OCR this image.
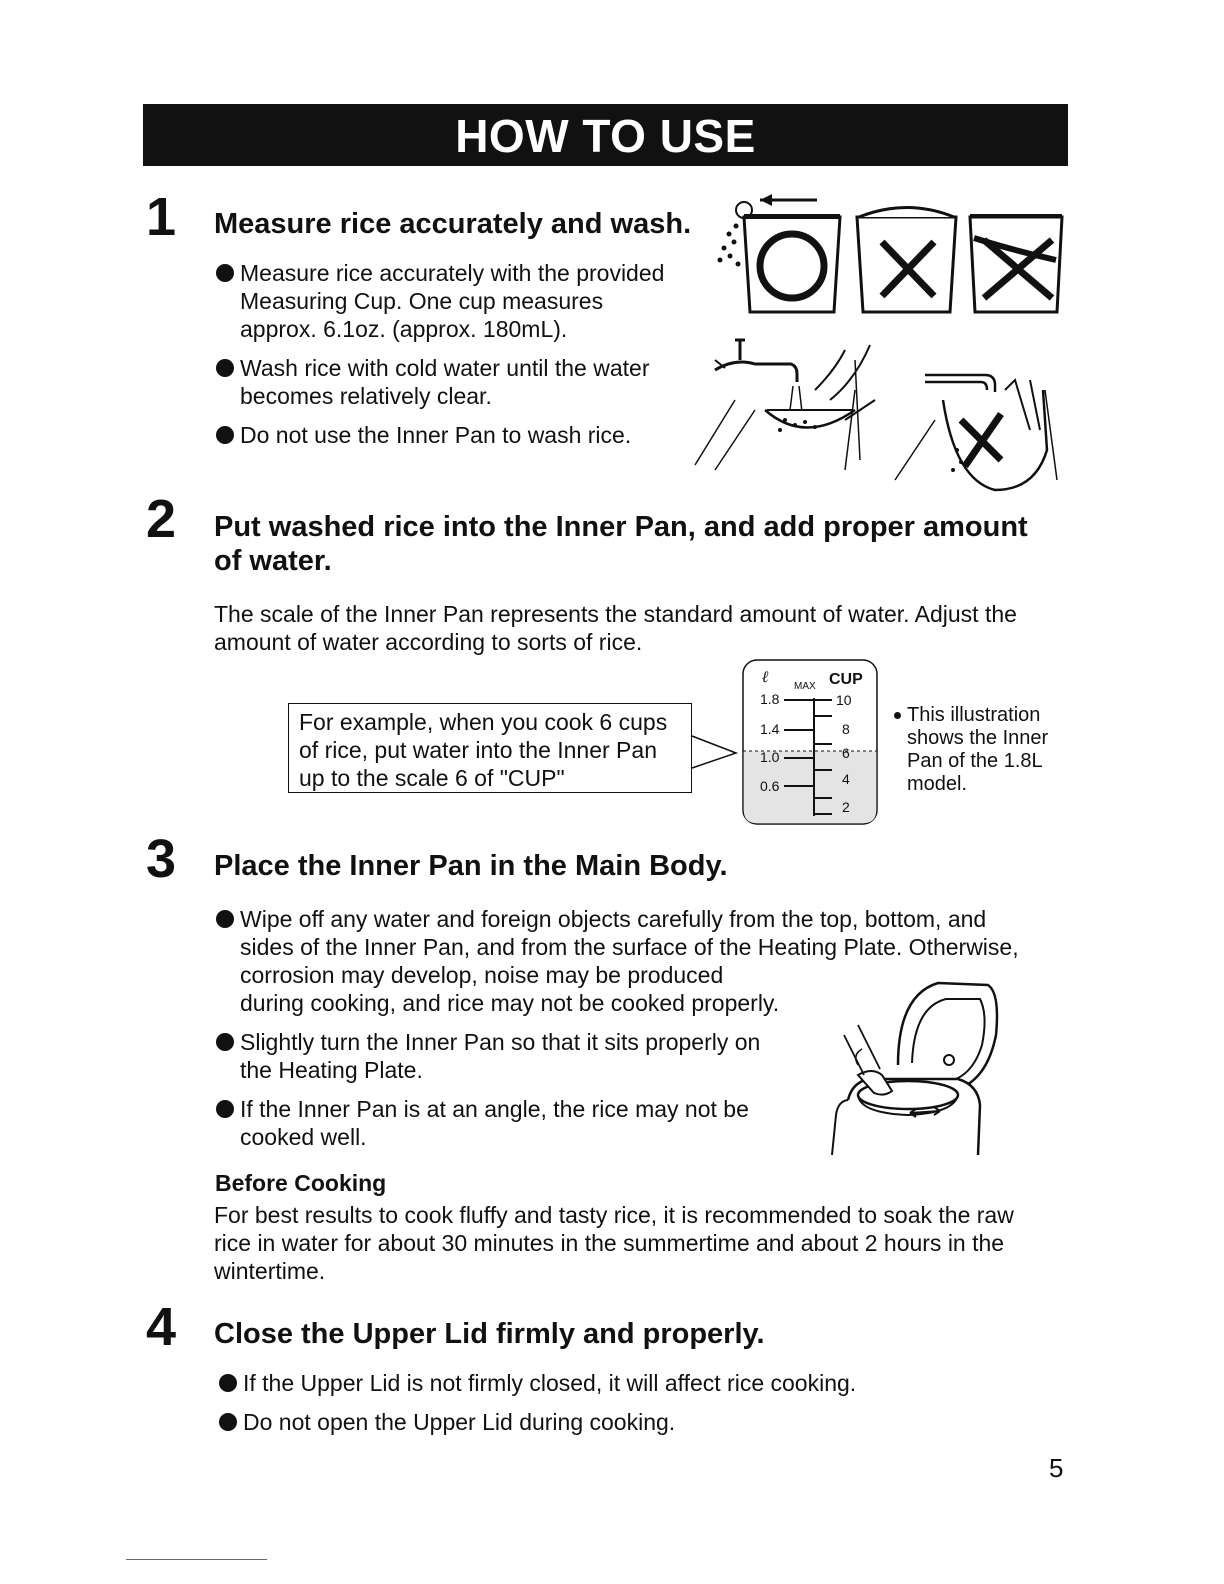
HOW TO USE
1 Measure rice accurately and wash.
Measure rice accurately with the provided
Measuring Cup. One cup measures
approx. 6.1oz. (approx. 180mL).
Wash rice with cold water until the water
becomes relatively clear.
Do not use the Inner Pan to wash rice.
2 Put washed rice into the Inner Pan, and add proper amount
of water.
The scale of the Inner Pan represents the standard amount of water. Adjust the
amount of water according to sorts of rice.
For example, when you cook 6 cups
of rice, put water into the Inner Pan
up to the scale 6 of "CUP"
ℓ
MAX CUP
1.8
1.4
1.0
0.6
10
8
6
4
2

This illustration

shows the Inner

Pan of the 1.8L

model.

3 Place the Inner Pan in the Main Body.
Wipe off any water and foreign objects carefully from the top, bottom, and
sides of the Inner Pan, and from the surface of the Heating Plate. Otherwise,
corrosion may develop, noise may be produced
during cooking, and rice may not be cooked properly.
Slightly turn the Inner Pan so that it sits properly on
the Heating Plate.
If the Inner Pan is at an angle, the rice may not be
cooked well.
Before Cooking
For best results to cook fluffy and tasty rice, it is recommended to soak the raw
rice in water for about 30 minutes in the summertime and about 2 hours in the
wintertime.
4 Close the Upper Lid firmly and properly.
If the Upper Lid is not firmly closed, it will affect rice cooking.
Do not open the Upper Lid during cooking.
5
